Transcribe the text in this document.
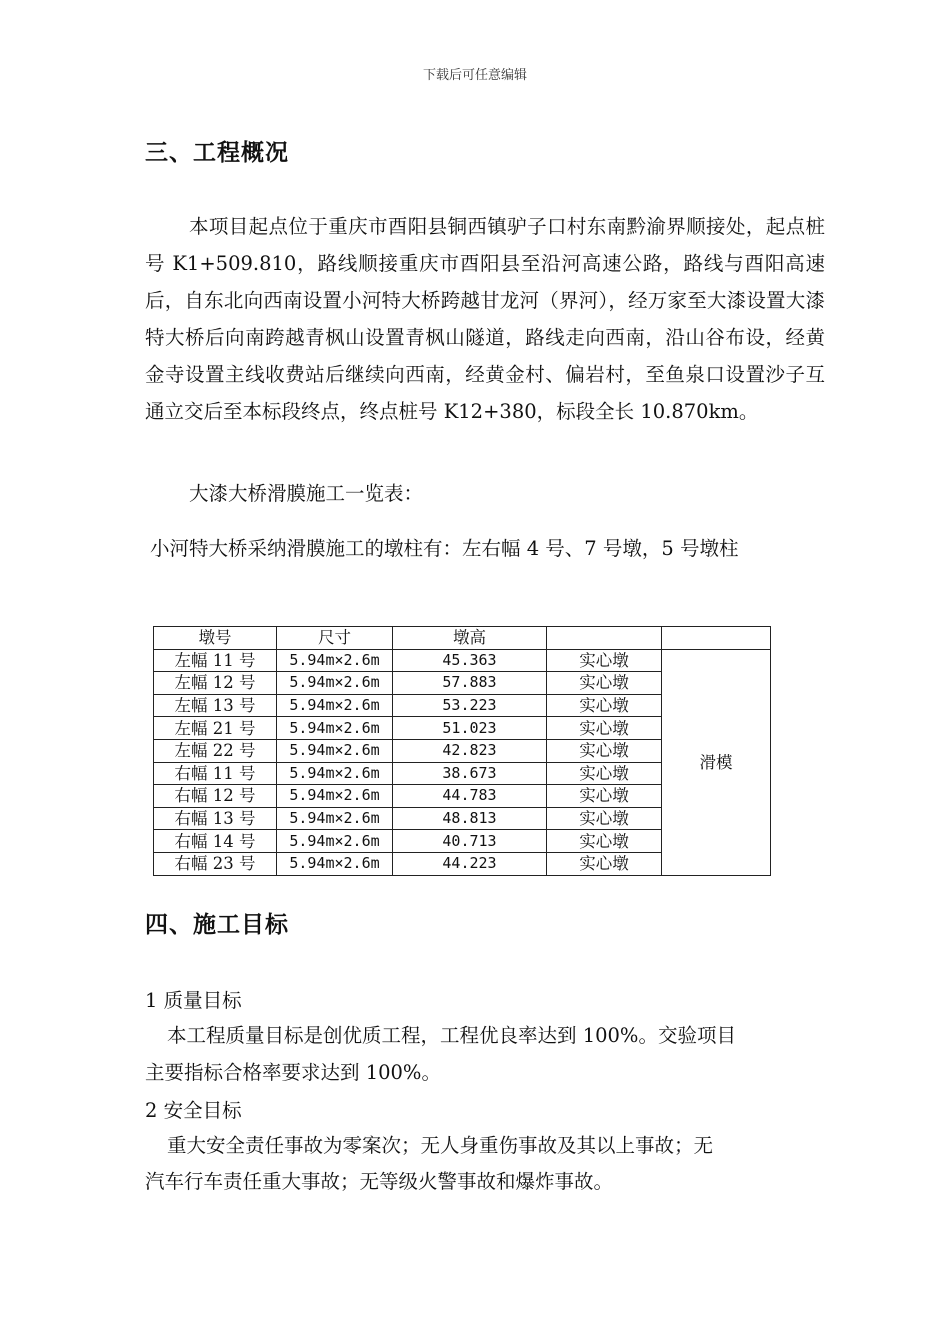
下载后可任意编辑
三、工程概况
本项目起点位于重庆市酉阳县铜西镇驴子口村东南黔渝界顺接处，起点桩号 K1+509.810，路线顺接重庆市酉阳县至沿河高速公路，路线与酉阳高速后，自东北向西南设置小河特大桥跨越甘龙河（界河），经万家至大漆设置大漆特大桥后向南跨越青枫山设置青枫山隧道，路线走向西南，沿山谷布设，经黄金寺设置主线收费站后继续向西南，经黄金村、偏岩村，至鱼泉口设置沙子互通立交后至本标段终点，终点桩号 K12+380，标段全长 10.870km。
大漆大桥滑膜施工一览表：
小河特大桥采纳滑膜施工的墩柱有：左右幅 4 号、7 号墩，5 号墩柱
墩号	尺寸	墩高		
左幅 11 号	5.94m×2.6m	45.363	实心墩	滑模
左幅 12 号	5.94m×2.6m	57.883	实心墩	
左幅 13 号	5.94m×2.6m	53.223	实心墩	
左幅 21 号	5.94m×2.6m	51.023	实心墩	
左幅 22 号	5.94m×2.6m	42.823	实心墩	
右幅 11 号	5.94m×2.6m	38.673	实心墩	
右幅 12 号	5.94m×2.6m	44.783	实心墩	
右幅 13 号	5.94m×2.6m	48.813	实心墩	
右幅 14 号	5.94m×2.6m	40.713	实心墩	
右幅 23 号	5.94m×2.6m	44.223	实心墩	
四、施工目标
1 质量目标
本工程质量目标是创优质工程，工程优良率达到 100%。交验项目
主要指标合格率要求达到 100%。
2 安全目标
重大安全责任事故为零案次；无人身重伤事故及其以上事故；无
汽车行车责任重大事故；无等级火警事故和爆炸事故。
